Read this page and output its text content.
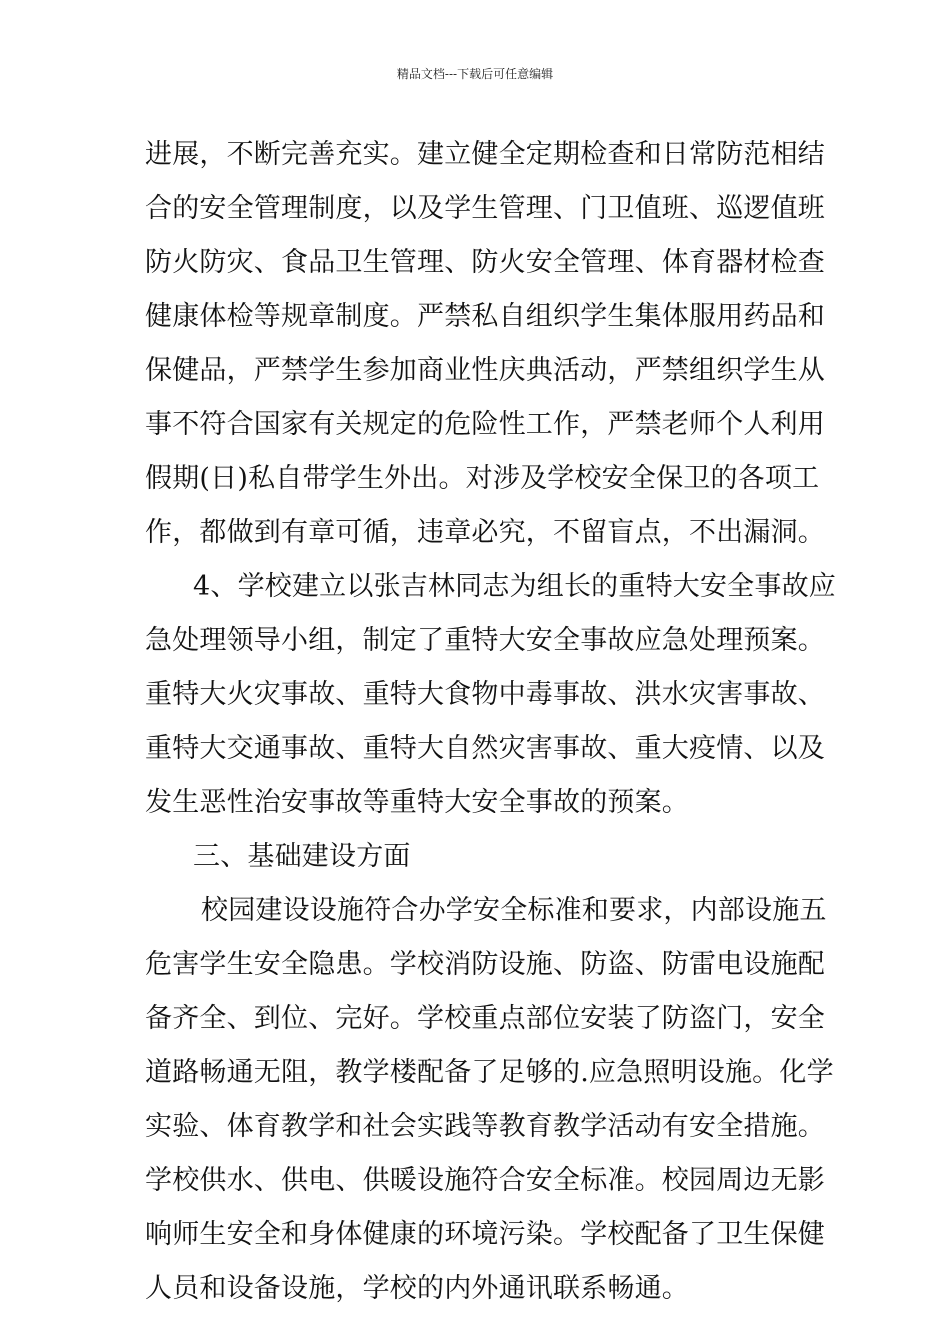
精品文档---下载后可任意编辑
进展，不断完善充实。建立健全定期检查和日常防范相结
合的安全管理制度，以及学生管理、门卫值班、巡逻值班
防火防灾、食品卫生管理、防火安全管理、体育器材检查
健康体检等规章制度。严禁私自组织学生集体服用药品和
保健品，严禁学生参加商业性庆典活动，严禁组织学生从
事不符合国家有关规定的危险性工作，严禁老师个人利用
假期(日)私自带学生外出。对涉及学校安全保卫的各项工
作，都做到有章可循，违章必究，不留盲点，不出漏洞。
4、学校建立以张吉林同志为组长的重特大安全事故应
急处理领导小组，制定了重特大安全事故应急处理预案。
重特大火灾事故、重特大食物中毒事故、洪水灾害事故、
重特大交通事故、重特大自然灾害事故、重大疫情、以及
发生恶性治安事故等重特大安全事故的预案。
三、基础建设方面
校园建设设施符合办学安全标准和要求，内部设施五
危害学生安全隐患。学校消防设施、防盗、防雷电设施配
备齐全、到位、完好。学校重点部位安装了防盗门，安全
道路畅通无阻，教学楼配备了足够的.应急照明设施。化学
实验、体育教学和社会实践等教育教学活动有安全措施。
学校供水、供电、供暖设施符合安全标准。校园周边无影
响师生安全和身体健康的环境污染。学校配备了卫生保健
人员和设备设施，学校的内外通讯联系畅通。
